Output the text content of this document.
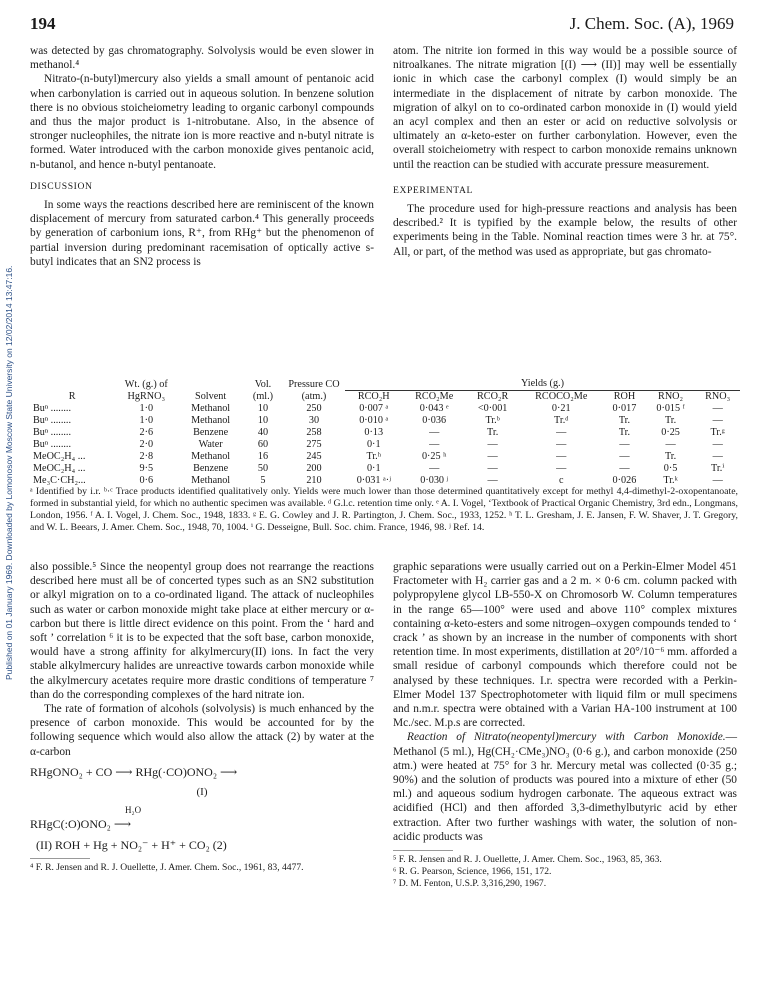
194	J. Chem. Soc. (A), 1969
Published on 01 January 1969. Downloaded by Lomonosov Moscow State University on 12/02/2014 13:47:16.

was detected by gas chromatography. Solvolysis would be even slower in methanol.⁴

Nitrato-(n-butyl)mercury also yields a small amount of pentanoic acid when carbonylation is carried out in aqueous solution. In benzene solution there is no obvious stoicheiometry leading to organic carbonyl compounds and thus the major product is 1-nitrobutane. Also, in the absence of stronger nucleophiles, the nitrate ion is more reactive and n-butyl nitrate is formed. Water introduced with the carbon monoxide gives pentanoic acid, n-butanol, and hence n-butyl pentanoate.

DISCUSSION

In some ways the reactions described here are reminiscent of the known displacement of mercury from saturated carbon.⁴ This generally proceeds by generation of carbonium ions, R⁺, from RHg⁺ but the phenomenon of partial inversion during predominant racemisation of optically active s-butyl indicates that an SN2 process is

atom. The nitrite ion formed in this way would be a possible source of nitroalkanes. The nitrate migration [(I) ⟶ (II)] may well be essentially ionic in which case the carbonyl complex (I) would simply be an intermediate in the displacement of nitrate by carbon monoxide. The migration of alkyl on to co-ordinated carbon monoxide in (I) would yield an acyl complex and then an ester or acid on reductive solvolysis or ultimately an α-keto-ester on further carbonylation. However, even the overall stoicheiometry with respect to carbon monoxide remains unknown until the reaction can be studied with accurate pressure measurement.

EXPERIMENTAL

The procedure used for high-pressure reactions and analysis has been described.² It is typified by the example below, the results of other experiments being in the Table. Nominal reaction times were 3 hr. at 75°. All, or part, of the method was used as appropriate, but gas chromato-

R	Wt. (g.) of HgRNO₃	Solvent	Vol. (ml.)	Pressure CO (atm.)	Yields (g.)						
					RCO₂H	RCO₂Me	RCO₂R	RCOCO₂Me	ROH	RNO₂	RNO₃
Buⁿ ........	1·0	Methanol	10	250	0·007 ᵃ	0·043 ᵉ	<0·001	0·21	0·017	0·015 ᶠ	—
Buⁿ ........	1·0	Methanol	10	30	0·010 ᵃ	0·036	Tr.ᵇ	Tr.ᵈ	Tr.	Tr.	—
Buⁿ ........	2·6	Benzene	40	258	0·13	—	Tr.	—	Tr.	0·25	Tr.ᵍ
Buⁿ ........	2·0	Water	60	275	0·1	—	—	—	—	—	—
MeOC₂H₄ ...	2·8	Methanol	16	245	Tr.ʰ	0·25 ʰ	—	—	—	Tr.	—
MeOC₂H₄ ...	9·5	Benzene	50	200	0·1	—	—	—	—	0·5	Tr.ⁱ
Me₃C·CH₂...	0·6	Methanol	5	210	0·031 ᵃ·ʲ	0·030 ʲ	—	c	0·026	Tr.ᵏ	—
ᵃ Identified by i.r. ᵇ·ᶜ Trace products identified qualitatively only. Yields were much lower than those determined quantitatively except for methyl 4,4-dimethyl-2-oxopentanoate, formed in substantial yield, for which no authentic specimen was available. ᵈ G.l.c. retention time only. ᵉ A. I. Vogel, ‘Textbook of Practical Organic Chemistry, 3rd edn., Longmans, London, 1956. ᶠ A. I. Vogel, J. Chem. Soc., 1948, 1833. ᵍ E. G. Cowley and J. R. Partington, J. Chem. Soc., 1933, 1252. ʰ T. L. Gresham, J. E. Jansen, F. W. Shaver, J. T. Gregory, and W. L. Beears, J. Amer. Chem. Soc., 1948, 70, 1004. ⁱ G. Desseigne, Bull. Soc. chim. France, 1946, 98. ʲ Ref. 14.

also possible.⁵ Since the neopentyl group does not rearrange the reactions described here must all be of concerted types such as an SN2 substitution or alkyl migration on to a co-ordinated ligand. The attack of nucleophiles such as water or carbon monoxide might take place at either mercury or α-carbon but there is little direct evidence on this point. From the ‘ hard and soft ’ correlation ⁶ it is to be expected that the soft base, carbon monoxide, would have a strong affinity for alkylmercury(II) ions. In fact the very stable alkylmercury halides are unreactive towards carbon monoxide while the alkylmercury acetates require more drastic conditions of temperature ⁷ than do the corresponding complexes of the hard nitrate ion.

The rate of formation of alcohols (solvolysis) is much enhanced by the presence of carbon monoxide. This would be accounted for by the following sequence which would also allow the attack (2) by water at the α-carbon

RHgONO₂ + CO ⟶ RHg(·CO)ONO₂ ⟶

(I)

H₂O

RHgC(:O)ONO₂ ⟶

(II) ROH + Hg + NO₂⁻ + H⁺ + CO₂ (2)

⁴ F. R. Jensen and R. J. Ouellette, J. Amer. Chem. Soc., 1961, 83, 4477.

graphic separations were usually carried out on a Perkin-Elmer Model 451 Fractometer with H₂ carrier gas and a 2 m. × 0·6 cm. column packed with polypropylene glycol LB-550-X on Chromosorb W. Column temperatures in the range 65—100° were used and above 110° complex mixtures containing α-keto-esters and some nitrogen–oxygen compounds tended to ‘ crack ’ as shown by an increase in the number of components with short retention time. In most experiments, distillation at 20°/10⁻⁶ mm. afforded a small residue of carbonyl compounds which therefore could not be analysed by these techniques. I.r. spectra were recorded with a Perkin-Elmer Model 137 Spectrophotometer with liquid film or mull specimens and n.m.r. spectra were obtained with a Varian HA-100 instrument at 100 Mc./sec. M.p.s are corrected.

Reaction of Nitrato(neopentyl)mercury with Carbon Monoxide.—Methanol (5 ml.), Hg(CH₂·CMe₃)NO₃ (0·6 g.), and carbon monoxide (250 atm.) were heated at 75° for 3 hr. Mercury metal was collected (0·35 g.; 90%) and the solution of products was poured into a mixture of ether (50 ml.) and aqueous sodium hydrogen carbonate. The aqueous extract was acidified (HCl) and then afforded 3,3-dimethylbutyric acid by ether extraction. After two further washings with water, the solution of non-acidic products was

⁵ F. R. Jensen and R. J. Ouellette, J. Amer. Chem. Soc., 1963, 85, 363.

⁶ R. G. Pearson, Science, 1966, 151, 172.

⁷ D. M. Fenton, U.S.P. 3,316,290, 1967.
